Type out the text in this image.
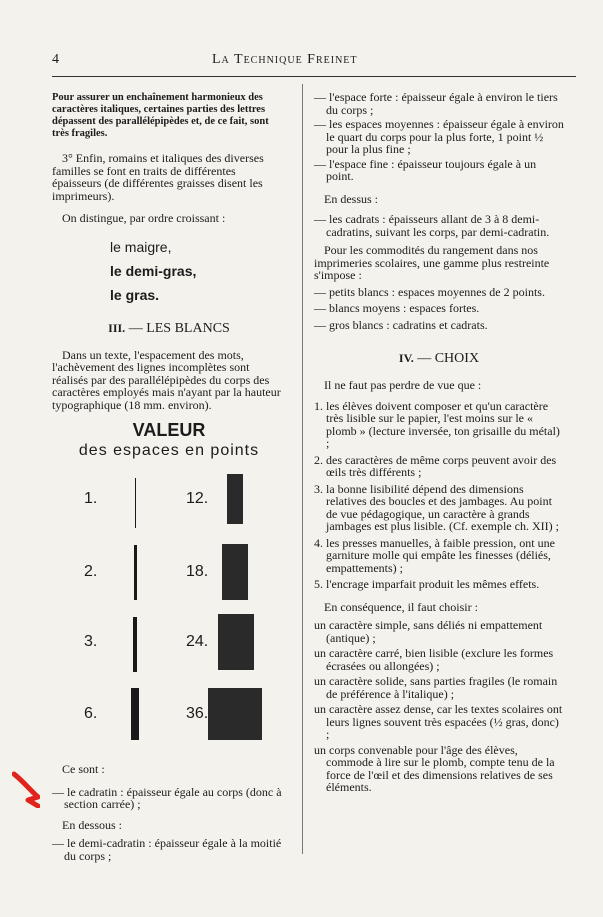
4	La Technique Freinet

Pour assurer un enchaînement harmonieux des caractères italiques, certaines parties des lettres dépassent des parallélépipèdes et, de ce fait, sont très fragiles.

3° Enfin, romains et italiques des diverses familles se font en traits de différentes épaisseurs (de différentes graisses disent les imprimeurs).

On distingue, par ordre croissant :

le maigre,

le demi-gras,

le gras.

III. — LES BLANCS

Dans un texte, l'espacement des mots, l'achèvement des lignes incomplètes sont réalisés par des parallélépipèdes du corps des caractères employés mais n'ayant par la hauteur typographique (18 mm. environ).

VALEUR
des espaces en points
1.
2.
3.
6.
12.
18.
24.
36.

Ce sont :

— le cadratin : épaisseur égale au corps (donc à section carrée) ;

En dessous :

— le demi-cadratin : épaisseur égale à la moitié du corps ;

— l'espace forte : épaisseur égale à environ le tiers du corps ;

— les espaces moyennes : épaisseur égale à environ le quart du corps pour la plus forte, 1 point ½ pour la plus fine ;

— l'espace fine : épaisseur toujours égale à un point.

En dessus :

— les cadrats : épaisseurs allant de 3 à 8 demi-cadratins, suivant les corps, par demi-cadratin.

Pour les commodités du rangement dans nos imprimeries scolaires, une gamme plus restreinte s'impose :

— petits blancs : espaces moyennes de 2 points.

— blancs moyens : espaces fortes.

— gros blancs : cadratins et cadrats.

IV. — CHOIX

Il ne faut pas perdre de vue que :

1. les élèves doivent composer et qu'un caractère très lisible sur le papier, l'est moins sur le « plomb » (lecture inversée, ton grisaille du métal) ;

2. des caractères de même corps peuvent avoir des œils très différents ;

3. la bonne lisibilité dépend des dimensions relatives des boucles et des jambages. Au point de vue pédagogique, un caractère à grands jambages est plus lisible. (Cf. exemple ch. XII) ;

4. les presses manuelles, à faible pression, ont une garniture molle qui empâte les finesses (déliés, empattements) ;

5. l'encrage imparfait produit les mêmes effets.

En conséquence, il faut choisir :

un caractère simple, sans déliés ni empattement (antique) ;

un caractère carré, bien lisible (exclure les formes écrasées ou allongées) ;

un caractère solide, sans parties fragiles (le romain de préférence à l'italique) ;

un caractère assez dense, car les textes scolaires ont leurs lignes souvent très espacées (½ gras, donc) ;

un corps convenable pour l'âge des élèves, commode à lire sur le plomb, compte tenu de la force de l'œil et des dimensions relatives de ses éléments.
